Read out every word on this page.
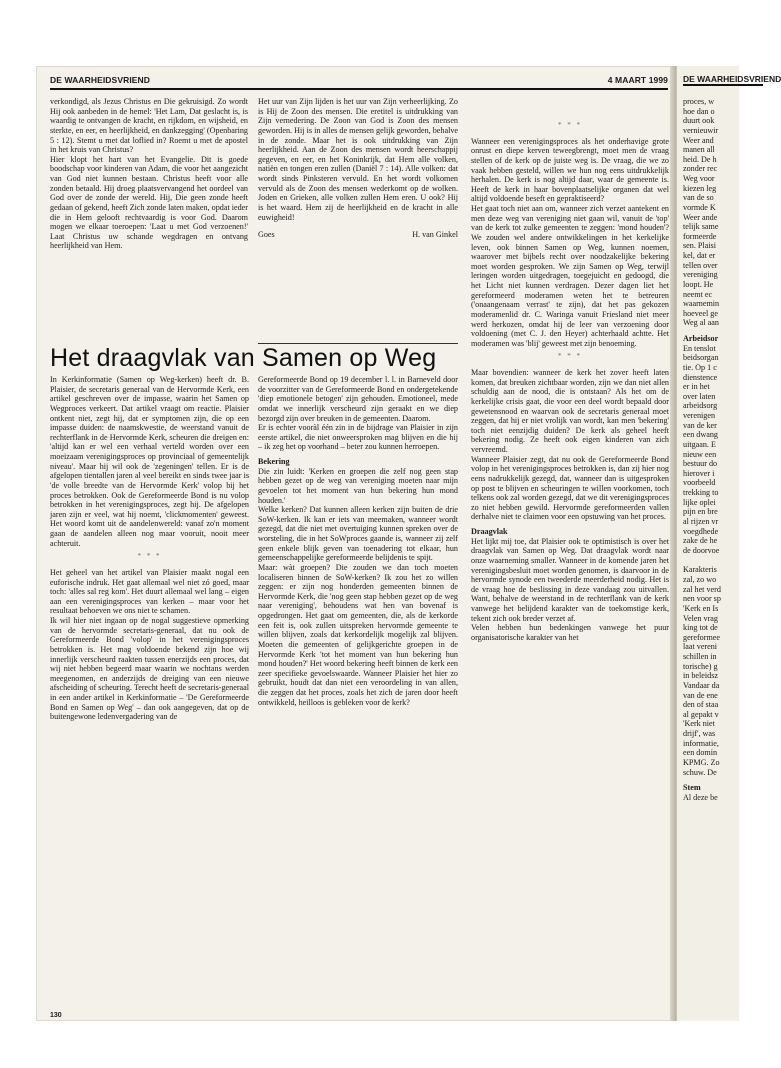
DE WAARHEIDSVRIEND	4 MAART 1999

verkondigd, als Jezus Christus en Die gekruisigd. Zo wordt Hij ook aanbeden in de hemel: 'Het Lam, Dat geslacht is, is waardig te ontvangen de kracht, en rijkdom, en wijsheid, en sterkte, en eer, en heerlijkheid, en dankzegging' (Openbaring 5 : 12). Stemt u met dat loflied in? Roemt u met de apostel in het kruis van Christus?

Hier klopt het hart van het Evangelie. Dit is goede boodschap voor kinderen van Adam, die voor het aangezicht van God niet kunnen bestaan. Christus heeft voor alle zonden betaald. Hij droeg plaatsvervangend het oordeel van God over de zonde der wereld. Hij, Die geen zonde heeft gedaan of gekend, heeft Zich zonde laten maken, opdat ieder die in Hem gelooft rechtvaardig is voor God. Daarom mogen we elkaar toeroepen: 'Laat u met God verzoenen!' Laat Christus uw schande wegdragen en ontvang heerlijkheid van Hem.

Het uur van Zijn lijden is het uur van Zijn verheerlijking. Zo is Hij de Zoon des mensen. Die eretitel is uitdrukking van Zijn vernedering. De Zoon van God is Zoon des mensen geworden. Hij is in alles de mensen gelijk geworden, behalve in de zonde. Maar het is ook uitdrukking van Zijn heerlijkheid. Aan de Zoon des mensen wordt heerschappij gegeven, en eer, en het Koninkrijk, dat Hem alle volken, natiën en tongen eren zullen (Daniël 7 : 14). Alle volken: dat wordt sinds Pinksteren vervuld. En het wordt volkomen vervuld als de Zoon des mensen wederkomt op de wolken. Joden en Grieken, alle volken zullen Hem eren. U ook? Hij is het waard. Hem zij de heerlijkheid en de kracht in alle euwigheid!

Goes	H. van Ginkel
Het draagvlak van Samen op Weg

In Kerkinformatie (Samen op Weg-kerken) heeft dr. B. Plaisier, de secretaris generaal van de Hervormde Kerk, een artikel geschreven over de impasse, waarin het Samen op Wegproces verkeert. Dat artikel vraagt om reactie. Plaisier ontkent niet, zegt hij, dat er symptomen zijn, die op een impasse duiden: de naamskwestie, de weerstand vanuit de rechterflank in de Hervormde Kerk, scheuren die dreigen en: 'altijd kan er wel een verhaal verteld worden over een moeizaam verenigingsproces op provinciaal of gemeentelijk niveau'. Maar hij wil ook de 'zegeningen' tellen. Er is de afgelopen tientallen jaren al veel bereikt en sinds twee jaar is 'de volle breedte van de Hervormde Kerk' volop bij het proces betrokken. Ook de Gereformeerde Bond is nu volop betrokken in het verenigingsproces, zegt hij. De afgelopen jaren zijn er veel, wat hij noemt, 'clickmomenten' geweest. Het woord komt uit de aandelenwereld: vanaf zo'n moment gaan de aandelen alleen nog maar vooruit, nooit meer achteruit.

* * *

Het geheel van het artikel van Plaisier maakt nogal een euforische indruk. Het gaat allemaal wel niet zó goed, maar toch: 'alles sal reg kom'. Het duurt allemaal wel lang – eigen aan een verenigingsproces van kerken – maar voor het resultaat behoeven we ons niet te schamen.

Ik wil hier niet ingaan op de nogal suggestieve opmerking van de hervormde secretaris-generaal, dat nu ook de Gereformeerde Bond 'volop' in het verenigingsproces betrokken is. Het mag voldoende bekend zijn hoe wij innerlijk verscheurd raakten tussen enerzijds een proces, dat wij niet hebben begeerd maar waarin we nochtans werden meegenomen, en anderzijds de dreiging van een nieuwe afscheiding of scheuring. Terecht heeft de secretaris-generaal in een ander artikel in Kerkinformatie – 'De Gereformeerde Bond en Samen op Weg' – dan ook aangegeven, dat op de buitengewone ledenvergadering van de

Gereformeerde Bond op 19 december l. l. in Barneveld door de voorzitter van de Gereformeerde Bond en ondergetekende 'diep emotionele betogen' zijn gehouden. Emotioneel, mede omdat we innerlijk verscheurd zijn geraakt en we diep bezorgd zijn over breuken in de gemeenten. Daarom.

Er is echter vooràl één zin in de bijdrage van Plaisier in zijn eerste artikel, die niet onweersproken mag blijven en die hij – ik zeg het op voorhand – beter zou kunnen herroepen.

Bekering

Die zin luidt: 'Kerken en groepen die zelf nog geen stap hebben gezet op de weg van vereniging moeten naar mijn gevoelen tot het moment van hun bekering hun mond houden.'

Welke kerken? Dat kunnen alleen kerken zijn buiten de drie SoW-kerken. Ik kan er iets van meemaken, wanneer wordt gezegd, dat die niet met overtuiging kunnen spreken over de worsteling, die in het SoWproces gaande is, wanneer zij zelf geen enkele blijk geven van toenadering tot elkaar, hun gemeenschappelijke gereformeerde belijdenis te spijt.

Maar: wàt groepen? Die zouden we dan toch moeten localiseren binnen de SoW-kerken? Ik zou het zo willen zeggen: er zijn nog honderden gemeenten binnen de Hervormde Kerk, die 'nog geen stap hebben gezet op de weg naar vereniging', behoudens wat hen van bovenaf is opgedrongen. Het gaat om gemeenten, die, als de kerkorde een feit is, ook zullen uitspreken hervormde gemeente te willen blijven, zoals dat kerkordelijk mogelijk zal blijven. Moeten die gemeenten of gelijkgerichte groepen in de Hervormde Kerk 'tot het moment van hun bekering hun mond houden?' Het woord bekering heeft binnen de kerk een zeer specifieke gevoelswaarde. Wanneer Plaisier het hier zo gebruikt, houdt dat dan niet een veroordeling in van allen, die zeggen dat het proces, zoals het zich de jaren door heeft ontwikkeld, heilloos is gebleken voor de kerk?

* * *

Wanneer een verenigingsproces als het onderhavige grote onrust en diepe kerven teweegbrengt, moet men de vraag stellen of de kerk op de juiste weg is. De vraag, die we zo vaak hebben gesteld, willen we hun nog eens uitdrukkelijk herhalen. De kerk is nog altijd daar, waar de gemeente is. Heeft de kerk in haar bovenplaatselijke organen dat wel altijd voldoende beseft en gepraktiseerd?

Het gaat toch niet aan om, wanneer zich verzet aantekent en men deze weg van vereniging niet gaan wil, vanuit de 'top' van de kerk tot zulke gemeenten te zeggen: 'mond houden'? We zouden wel andere ontwikkelingen in het kerkelijke leven, ook binnen Samen op Weg, kunnen noemen, waarover met bijbels recht over noodzakelijke bekering moet worden gesproken. We zijn Samen op Weg, terwijl leringen worden uitgedragen, toegejuicht en gedoogd, die het Licht niet kunnen verdragen. Dezer dagen liet het gereformeerd moderamen weten het te betreuren ('onaangenaam verrast' te zijn), dat het pas gekozen moderamenlid dr. C. Waringa vanuit Friesland niet meer werd herkozen, omdat hij de leer van verzoening door voldoening (met C. J. den Heyer) achterhaald achtte. Het moderamen was 'blij' geweest met zijn benoeming.

* * *

Maar bovendien: wanneer de kerk het zover heeft laten komen, dat breuken zichtbaar worden, zijn we dan niet allen schuldig aan de nood, die is ontstaan? Als het om de kerkelijke crisis gaat, die voor een deel wordt bepaald door gewetensnood en waarvan ook de secretaris generaal moet zeggen, dat hij er niet vrolijk van wordt, kan men 'bekering' toch niet eenzijdig duiden? De kerk als geheel heeft bekering nodig. Ze heeft ook eigen kinderen van zich vervreemd.

Wanneer Plaisier zegt, dat nu ook de Gereformeerde Bond volop in het verenigingsproces betrokken is, dan zij hier nog eens nadrukkelijk gezegd, dat, wanneer dan is uitgesproken op post te blijven en scheuringen te willen voorkomen, toch telkens ook zal worden gezegd, dat we dit verenigingsproces zo niet hebben gewild. Hervormde gereformeerden vallen derhalve niet te claimen voor een opstuwing van het proces.

Draagvlak

Het lijkt mij toe, dat Plaisier ook te optimistisch is over het draagvlak van Samen op Weg. Dat draagvlak wordt naar onze waarneming smaller. Wanneer in de komende jaren het verenigingsbesluit moet worden genomen, is daarvoor in de hervormde synode een tweederde meerderheid nodig. Het is de vraag hoe de beslissing in deze vandaag zou uitvallen. Want, behalve de weerstand in de rechterflank van de kerk vanwege het belijdend karakter van de toekomstige kerk, tekent zich ook breder verzet af.

Velen hebben hun bedenkingen vanwege het puur organisatorische karakter van het

130
DE WAARHEIDSVRIEND
proces, w
hoe dan o
duurt ook
vernieuwir
Weer and
manen all
heid. De h
zonder rec
Weg voor
kiezen leg
van de so
vormde K
Weer ande
telijk same
formeerde
sen. Plaisi
kel, dat er
tellen over
vereniging
loopt. He
neemt ec
waarnemin
hoeveel ge
Weg al aan
Arbeidsor
En tenslot
beidsorgan
tie. Op 1 c
dienstence
er in het
over laten
arbeidsorg
verenigen
van de ker
een dwang
uitgaan. E
nieuw een
bestuur do
hierover i
voorbeeld
trekking to
lijke oplei
pijn en bre
al rijzen vr
voegdhede
zake de he
de doorvoe
Karakteris
zal, zo wo
zal het verd
nen voor sp
'Kerk en Is
Velen vrag
king tot de
gereformee
laat vereni
schillen in
torische) g
in beleidsz
Vandaar da
van de ene
den of staa
al gepakt v
'Kerk niet
drijf', was
informatie,
een domin
KPMG. Zo
schuw. De
Stem
Al deze be
